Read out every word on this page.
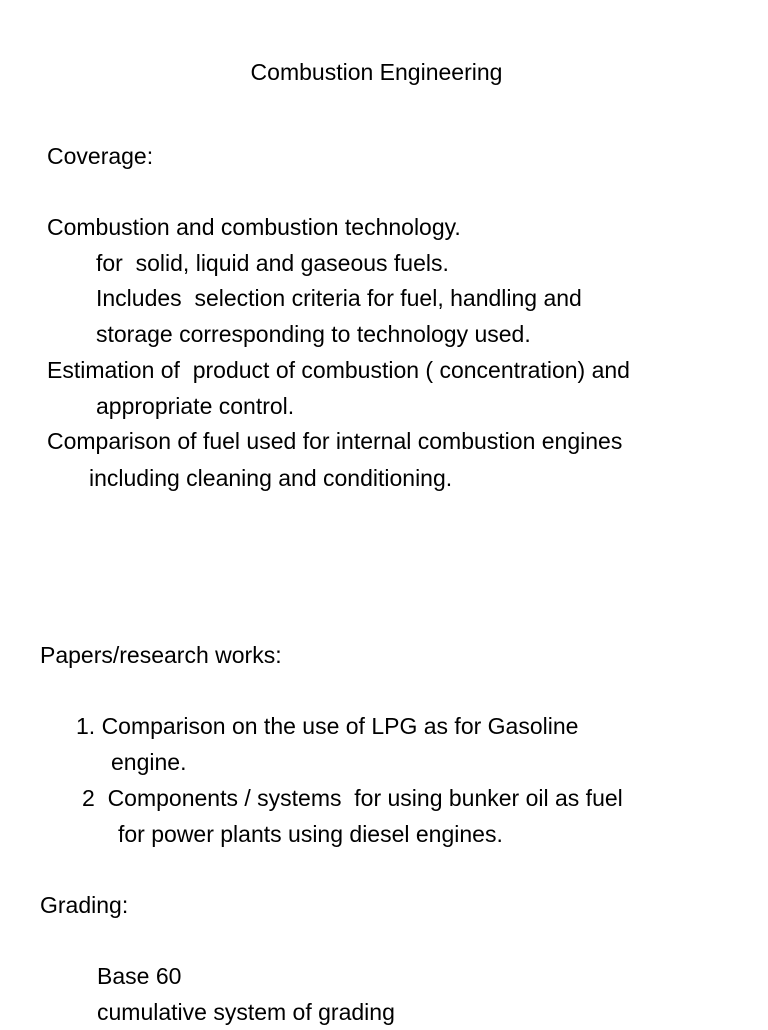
Combustion Engineering

Coverage:

Combustion and combustion technology.

for  solid, liquid and gaseous fuels.

Includes  selection criteria for fuel, handling and

storage corresponding to technology used.

Estimation of  product of combustion ( concentration) and

appropriate control.

Comparison of fuel used for internal combustion engines

including cleaning and conditioning.

Papers/research works:

1. Comparison on the use of LPG as for Gasoline

engine.

2  Components / systems  for using bunker oil as fuel

for power plants using diesel engines.

Grading:

Base 60

cumulative system of grading
